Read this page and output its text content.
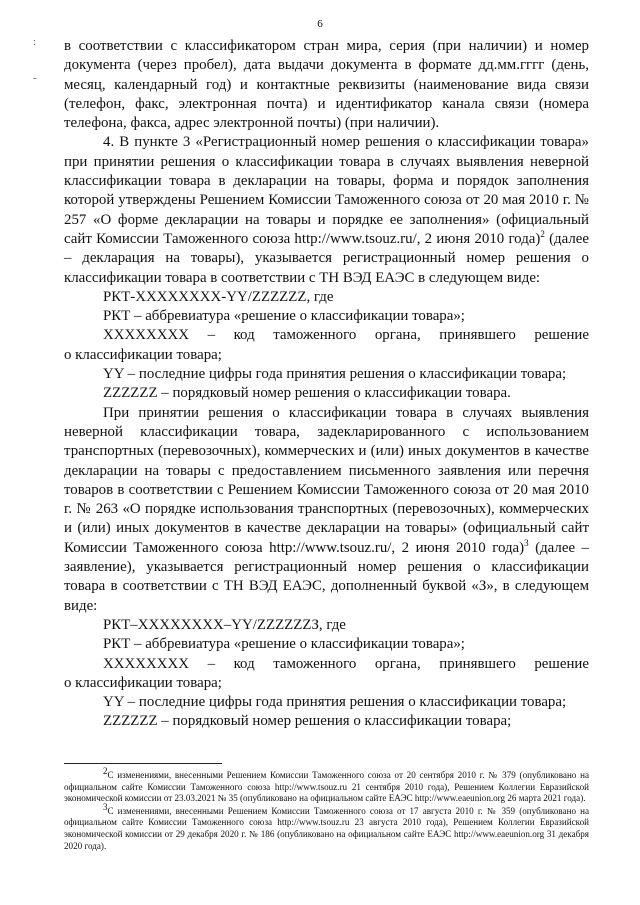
6
:
-

в соответствии с классификатором стран мира, серия (при наличии) и номер документа (через пробел), дата выдачи документа в формате дд.мм.гггг (день, месяц, календарный год) и контактные реквизиты (наименование вида связи (телефон, факс, электронная почта) и идентификатор канала связи (номера телефона, факса, адрес электронной почты) (при наличии).

4. В пункте 3 «Регистрационный номер решения о классификации товара» при принятии решения о классификации товара в случаях выявления неверной классификации товара в декларации на товары, форма и порядок заполнения которой утверждены Решением Комиссии Таможенного союза от 20 мая 2010 г. № 257 «О форме декларации на товары и порядке ее заполнения» (официальный сайт Комиссии Таможенного союза http://www.tsouz.ru/, 2 июня 2010 года)$^2$ (далее – декларация на товары), указывается регистрационный номер решения о классификации товара в соответствии с ТН ВЭД ЕАЭС в следующем виде:

РКТ-XXXXXXXX-YY/ZZZZZZ, где

РКТ – аббревиатура «решение о классификации товара»;

XXXXXXXX – код таможенного органа, принявшего решение
о классификации товара;

YY – последние цифры года принятия решения о классификации товара;

ZZZZZZ – порядковый номер решения о классификации товара.

При принятии решения о классификации товара в случаях выявления неверной классификации товара, задекларированного с использованием транспортных (перевозочных), коммерческих и (или) иных документов в качестве декларации на товары с предоставлением письменного заявления или перечня товаров в соответствии с Решением Комиссии Таможенного союза от 20 мая 2010 г. № 263 «О порядке использования транспортных (перевозочных), коммерческих и (или) иных документов в качестве декларации на товары» (официальный сайт Комиссии Таможенного союза http://www.tsouz.ru/, 2 июня 2010 года)$^3$ (далее – заявление), указывается регистрационный номер решения о классификации товара в соответствии с ТН ВЭД ЕАЭС, дополненный буквой «З», в следующем виде:

РКТ–XXXXXXXX–YY/ZZZZZZЗ, где

РКТ – аббревиатура «решение о классификации товара»;

XXXXXXXX – код таможенного органа, принявшего решение
о классификации товара;

YY – последние цифры года принятия решения о классификации товара;

ZZZZZZ – порядковый номер решения о классификации товара;

$^2$С изменениями, внесенными Решением Комиссии Таможенного союза от 20 сентября 2010 г. № 379 (опубликовано на официальном сайте Комиссии Таможенного союза http://www.tsouz.ru 21 сентября 2010 года), Решением Коллегии Евразийской экономической комиссии от 23.03.2021 № 35 (опубликовано на официальном сайте ЕАЭС http://www.eaeunion.org 26 марта 2021 года).

$^3$С изменениями, внесенными Решением Комиссии Таможенного союза от 17 августа 2010 г. № 359 (опубликовано на официальном сайте Комиссии Таможенного союза http://www.tsouz.ru 23 августа 2010 года), Решением Коллегии Евразийской экономической комиссии от 29 декабря 2020 г. № 186 (опубликовано на официальном сайте ЕАЭС http://www.eaeunion.org 31 декабря 2020 года).
